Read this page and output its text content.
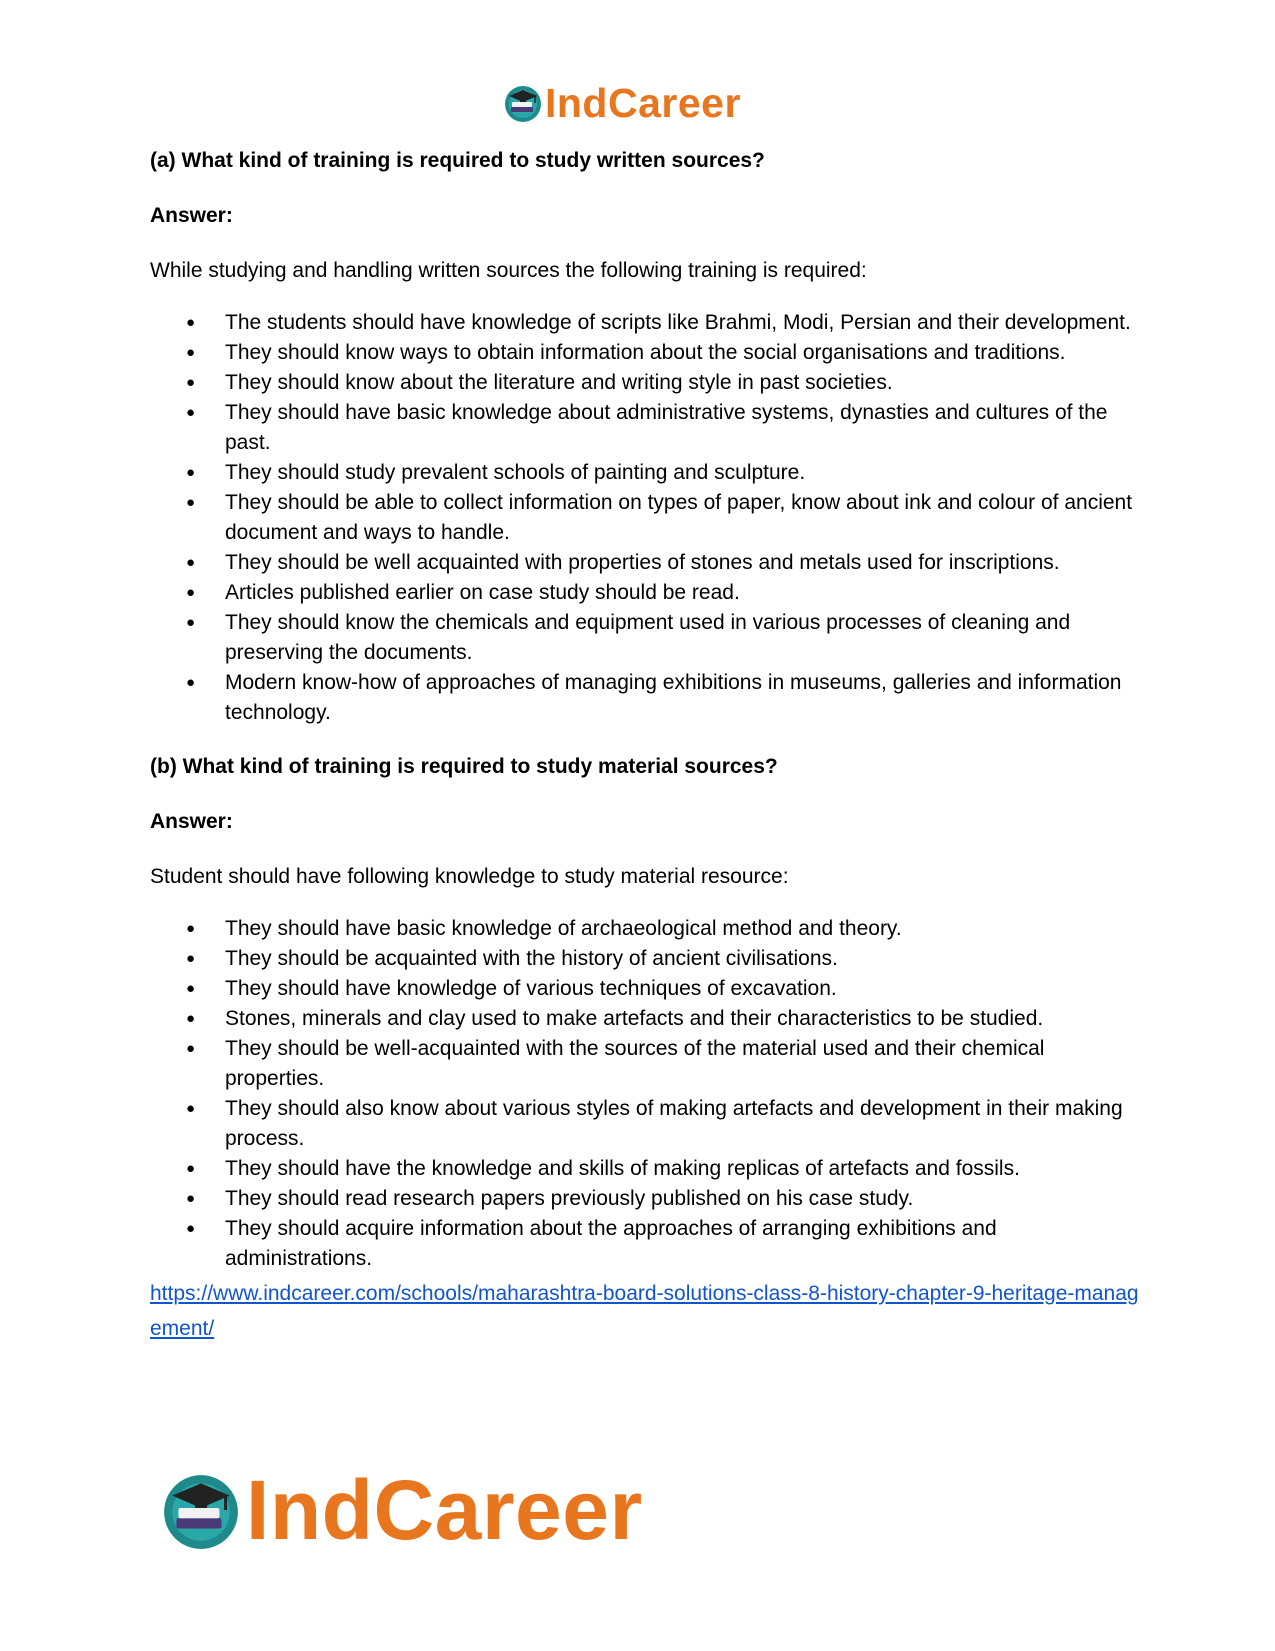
IndCareer

(a) What kind of training is required to study written sources?

Answer:

While studying and handling written sources the following training is required:

● The students should have knowledge of scripts like Brahmi, Modi, Persian and their development.
● They should know ways to obtain information about the social organisations and traditions.
● They should know about the literature and writing style in past societies.
● They should have basic knowledge about administrative systems, dynasties and cultures of the past.
● They should study prevalent schools of painting and sculpture.
● They should be able to collect information on types of paper, know about ink and colour of ancient document and ways to handle.
● They should be well acquainted with properties of stones and metals used for inscriptions.
● Articles published earlier on case study should be read.
● They should know the chemicals and equipment used in various processes of cleaning and preserving the documents.
● Modern know-how of approaches of managing exhibitions in museums, galleries and information technology.

(b) What kind of training is required to study material sources?

Answer:

Student should have following knowledge to study material resource:

● They should have basic knowledge of archaeological method and theory.
● They should be acquainted with the history of ancient civilisations.
● They should have knowledge of various techniques of excavation.
● Stones, minerals and clay used to make artefacts and their characteristics to be studied.
● They should be well-acquainted with the sources of the material used and their chemical properties.
● They should also know about various styles of making artefacts and development in their making process.
● They should have the knowledge and skills of making replicas of artefacts and fossils.
● They should read research papers previously published on his case study.
● They should acquire information about the approaches of arranging exhibitions and administrations.
https://www.indcareer.com/schools/maharashtra-board-solutions-class-8-history-chapter-9-heritage-management/
IndCareer
